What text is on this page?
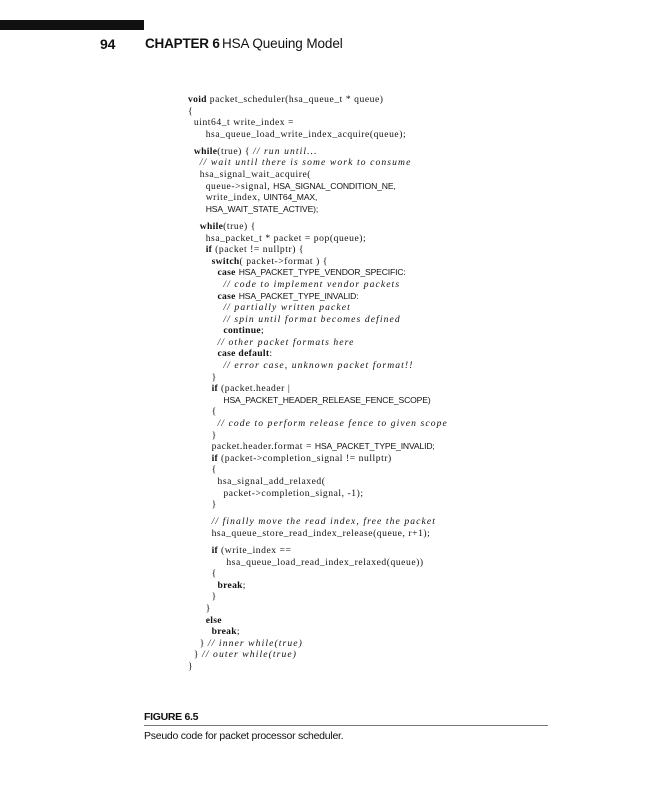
94 CHAPTER 6 HSA Queuing Model
void packet_scheduler(hsa_queue_t * queue)
{
uint64_t write_index =
hsa_queue_load_write_index_acquire(queue);
while(true) { // run until...
// wait until there is some work to consume
hsa_signal_wait_acquire(
queue->signal, HSA_SIGNAL_CONDITION_NE,
write_index, UINT64_MAX,
HSA_WAIT_STATE_ACTIVE);
while(true) {
hsa_packet_t * packet = pop(queue);
if (packet != nullptr) {
switch( packet->format ) {
case HSA_PACKET_TYPE_VENDOR_SPECIFIC:
// code to implement vendor packets
case HSA_PACKET_TYPE_INVALID:
// partially written packet
// spin until format becomes defined
continue;
// other packet formats here
case default:
// error case, unknown packet format!!
}
if (packet.header |
HSA_PACKET_HEADER_RELEASE_FENCE_SCOPE)
{
// code to perform release fence to given scope
}
packet.header.format = HSA_PACKET_TYPE_INVALID;
if (packet->completion_signal != nullptr)
{
hsa_signal_add_relaxed(
packet->completion_signal, -1);
}
// finally move the read index, free the packet
hsa_queue_store_read_index_release(queue, r+1);
if (write_index ==
hsa_queue_load_read_index_relaxed(queue))
{
break;
}
}
else
break;
} // inner while(true)
} // outer while(true)
}
FIGURE 6.5
Pseudo code for packet processor scheduler.
